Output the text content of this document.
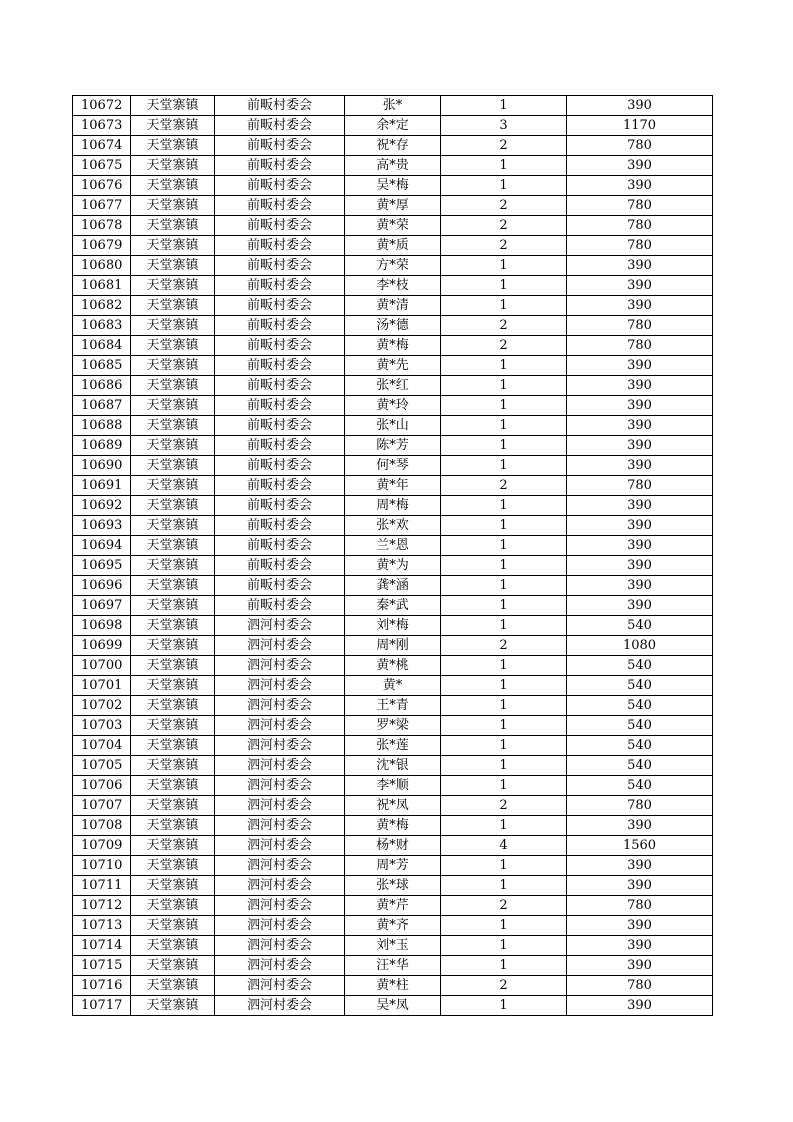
10672	天堂寨镇	前畈村委会	张*	1	390
10673	天堂寨镇	前畈村委会	余*定	3	1170
10674	天堂寨镇	前畈村委会	祝*存	2	780
10675	天堂寨镇	前畈村委会	高*贵	1	390
10676	天堂寨镇	前畈村委会	吴*梅	1	390
10677	天堂寨镇	前畈村委会	黄*厚	2	780
10678	天堂寨镇	前畈村委会	黄*荣	2	780
10679	天堂寨镇	前畈村委会	黄*质	2	780
10680	天堂寨镇	前畈村委会	方*荣	1	390
10681	天堂寨镇	前畈村委会	李*枝	1	390
10682	天堂寨镇	前畈村委会	黄*清	1	390
10683	天堂寨镇	前畈村委会	汤*德	2	780
10684	天堂寨镇	前畈村委会	黄*梅	2	780
10685	天堂寨镇	前畈村委会	黄*先	1	390
10686	天堂寨镇	前畈村委会	张*红	1	390
10687	天堂寨镇	前畈村委会	黄*玲	1	390
10688	天堂寨镇	前畈村委会	张*山	1	390
10689	天堂寨镇	前畈村委会	陈*芳	1	390
10690	天堂寨镇	前畈村委会	何*琴	1	390
10691	天堂寨镇	前畈村委会	黄*年	2	780
10692	天堂寨镇	前畈村委会	周*梅	1	390
10693	天堂寨镇	前畈村委会	张*欢	1	390
10694	天堂寨镇	前畈村委会	兰*恩	1	390
10695	天堂寨镇	前畈村委会	黄*为	1	390
10696	天堂寨镇	前畈村委会	龚*涵	1	390
10697	天堂寨镇	前畈村委会	秦*武	1	390
10698	天堂寨镇	泗河村委会	刘*梅	1	540
10699	天堂寨镇	泗河村委会	周*刚	2	1080
10700	天堂寨镇	泗河村委会	黄*桃	1	540
10701	天堂寨镇	泗河村委会	黄*	1	540
10702	天堂寨镇	泗河村委会	王*青	1	540
10703	天堂寨镇	泗河村委会	罗*梁	1	540
10704	天堂寨镇	泗河村委会	张*莲	1	540
10705	天堂寨镇	泗河村委会	沈*银	1	540
10706	天堂寨镇	泗河村委会	李*顺	1	540
10707	天堂寨镇	泗河村委会	祝*凤	2	780
10708	天堂寨镇	泗河村委会	黄*梅	1	390
10709	天堂寨镇	泗河村委会	杨*财	4	1560
10710	天堂寨镇	泗河村委会	周*芳	1	390
10711	天堂寨镇	泗河村委会	张*球	1	390
10712	天堂寨镇	泗河村委会	黄*芹	2	780
10713	天堂寨镇	泗河村委会	黄*齐	1	390
10714	天堂寨镇	泗河村委会	刘*玉	1	390
10715	天堂寨镇	泗河村委会	汪*华	1	390
10716	天堂寨镇	泗河村委会	黄*柱	2	780
10717	天堂寨镇	泗河村委会	吴*凤	1	390
